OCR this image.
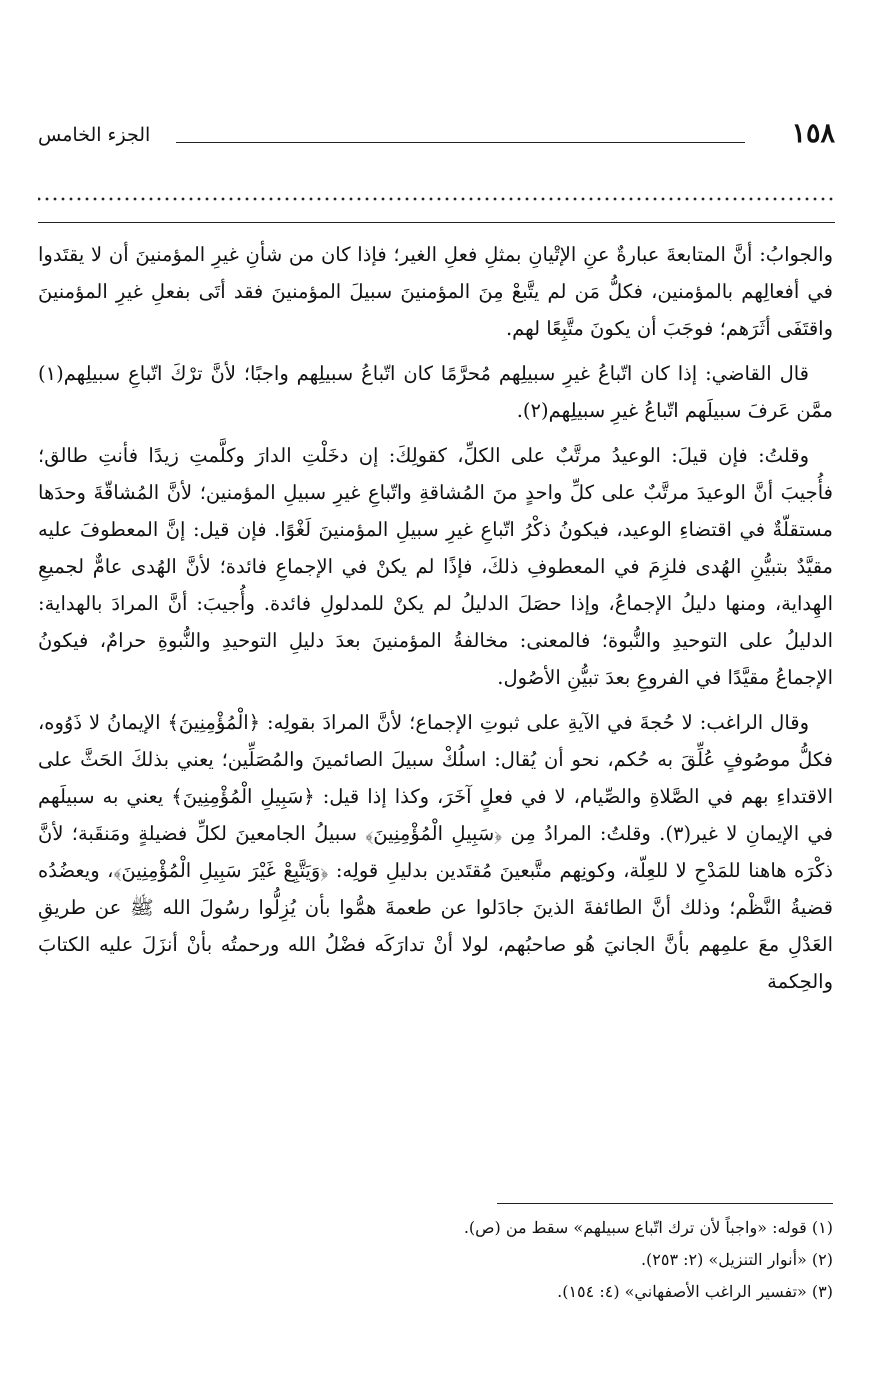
١٥٨
الجزء الخامس

والجوابُ: أنَّ المتابعةَ عبارةٌ عنِ الإتْيانِ بمثلِ فعلِ الغير؛ فإذا كان من شأنِ غيرِ المؤمنينَ أن لا يقتَدوا في أفعالِهم بالمؤمنين، فكلُّ مَن لم يتَّبعْ مِنَ المؤمنينَ سبيلَ المؤمنينَ فقد أتَى بفعلِ غيرِ المؤمنينَ واقتَفَى أثَرَهم؛ فوجَبَ أن يكونَ متَّبِعًا لهم.

قال القاضي: إذا كان اتّباعُ غيرِ سبيلِهم مُحرَّمًا كان اتّباعُ سبيلِهم واجبًا؛ لأنَّ ترْكَ اتّباعِ سبيلِهم(١) ممَّن عَرفَ سبيلَهم اتّباعُ غيرِ سبيلِهم(٢).

وقلتُ: فإن قيلَ: الوعيدُ مرتَّبٌ على الكلِّ، كقولِكَ: إن دخَلْتِ الدارَ وكلَّمتِ زيدًا فأنتِ طالق؛ فأُجيبَ أنَّ الوعيدَ مرتَّبٌ على كلِّ واحدٍ منَ المُشاقةِ واتّباعِ غيرِ سبيلِ المؤمنين؛ لأنَّ المُشاقّةَ وحدَها مستقلّةٌ في اقتضاءِ الوعيد، فيكونُ ذكْرُ اتّباعِ غيرِ سبيلِ المؤمنينَ لَغْوًا. فإن قيل: إنَّ المعطوفَ عليه مقيَّدٌ بتبيُّنِ الهُدى فلزِمَ في المعطوفِ ذلكَ، فإذًا لم يكنْ في الإجماعِ فائدة؛ لأنَّ الهُدى عامٌّ لجميعِ الهِداية، ومنها دليلُ الإجماعُ، وإذا حصَلَ الدليلُ لم يكنْ للمدلولِ فائدة. وأُجيبَ: أنَّ المرادَ بالهداية: الدليلُ على التوحيدِ والنُّبوة؛ فالمعنى: مخالفةُ المؤمنينَ بعدَ دليلِ التوحيدِ والنُّبوةِ حرامٌ، فيكونُ الإجماعُ مقيَّدًا في الفروعِ بعدَ تبيُّنِ الأصُول.

وقال الراغب: لا حُجةَ في الآيةِ على ثبوتِ الإجماع؛ لأنَّ المرادَ بقولِه: ﴿الْمُؤْمِنِينَ﴾ الإيمانُ لا ذَوُوه، فكلُّ موصُوفٍ عُلِّقَ به حُكم، نحو أن يُقال: اسلُكْ سبيلَ الصائمينَ والمُصَلِّين؛ يعني بذلكَ الحَثَّ على الاقتداءِ بهم في الصَّلاةِ والصِّيام، لا في فعلٍ آخَرَ، وكذا إذا قيل: ﴿سَبِيلِ الْمُؤْمِنِينَ﴾ يعني به سبيلَهم في الإيمانِ لا غير(٣). وقلتُ: المرادُ مِن ﴿سَبِيلِ الْمُؤْمِنِينَ﴾ سبيلُ الجامعينَ لكلِّ فضيلةٍ ومَنقَبة؛ لأنَّ ذكْرَه هاهنا للمَدْحِ لا للعِلّة، وكونِهم متَّبعينَ مُقتَدين بدليلِ قولِه: ﴿وَيَتَّبِعْ غَيْرَ سَبِيلِ الْمُؤْمِنِينَ﴾، ويعضُدُه قضيةُ النَّظْم؛ وذلك أنَّ الطائفةَ الذينَ جادَلوا عن طعمةَ همُّوا بأن يُزِلُّوا رسُولَ الله ﷺ عن طريقِ العَدْلِ معَ علمِهم بأنَّ الجانيَ هُو صاحبُهم، لولا أنْ تدارَكَه فضْلُ الله ورحمتُه بأنْ أنزَلَ عليه الكتابَ والحِكمة

(١) قوله: «واجباً لأن ترك اتّباع سبيلهم» سقط من (ص).

(٢) «أنوار التنزيل» (٢: ٢٥٣).

(٣) «تفسير الراغب الأصفهاني» (٤: ١٥٤).
